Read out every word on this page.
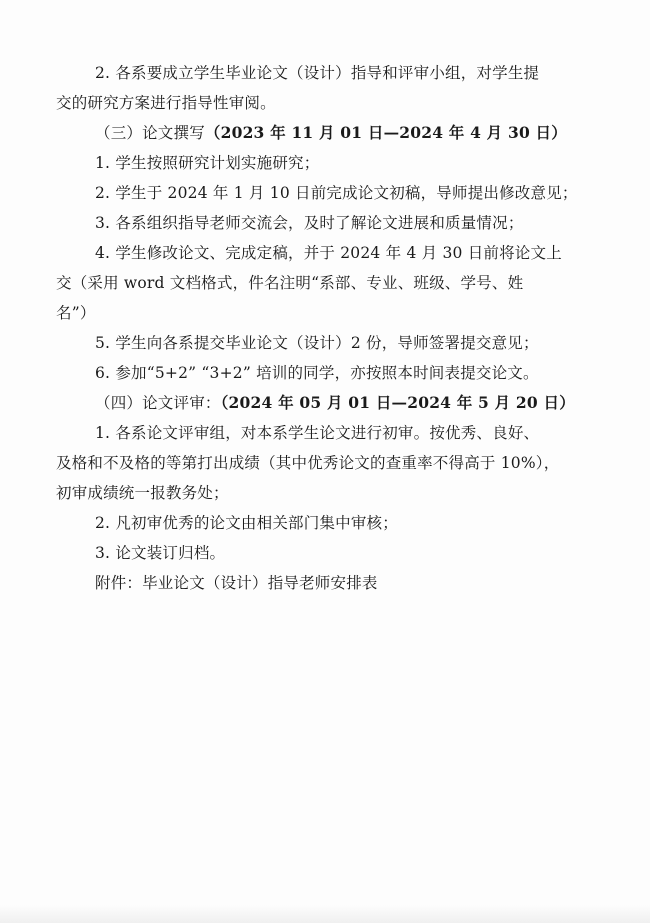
2. 各系要成立学生毕业论文（设计）指导和评审小组，对学生提
交的研究方案进行指导性审阅。
（三）论文撰写（2023 年 11 月 01 日—2024 年 4 月 30 日）
1. 学生按照研究计划实施研究；
2. 学生于 2024 年 1 月 10 日前完成论文初稿，导师提出修改意见；
3. 各系组织指导老师交流会，及时了解论文进展和质量情况；
4. 学生修改论文、完成定稿，并于 2024 年 4 月 30 日前将论文上
交（采用 word 文档格式，件名注明“系部、专业、班级、学号、姓
名”）
5. 学生向各系提交毕业论文（设计）2 份，导师签署提交意见；
6. 参加“5+2” “3+2” 培训的同学，亦按照本时间表提交论文。
（四）论文评审：（2024 年 05 月 01 日—2024 年 5 月 20 日）
1. 各系论文评审组，对本系学生论文进行初审。按优秀、良好、
及格和不及格的等第打出成绩（其中优秀论文的查重率不得高于 10%），
初审成绩统一报教务处；
2. 凡初审优秀的论文由相关部门集中审核；
3. 论文装订归档。
附件：毕业论文（设计）指导老师安排表
